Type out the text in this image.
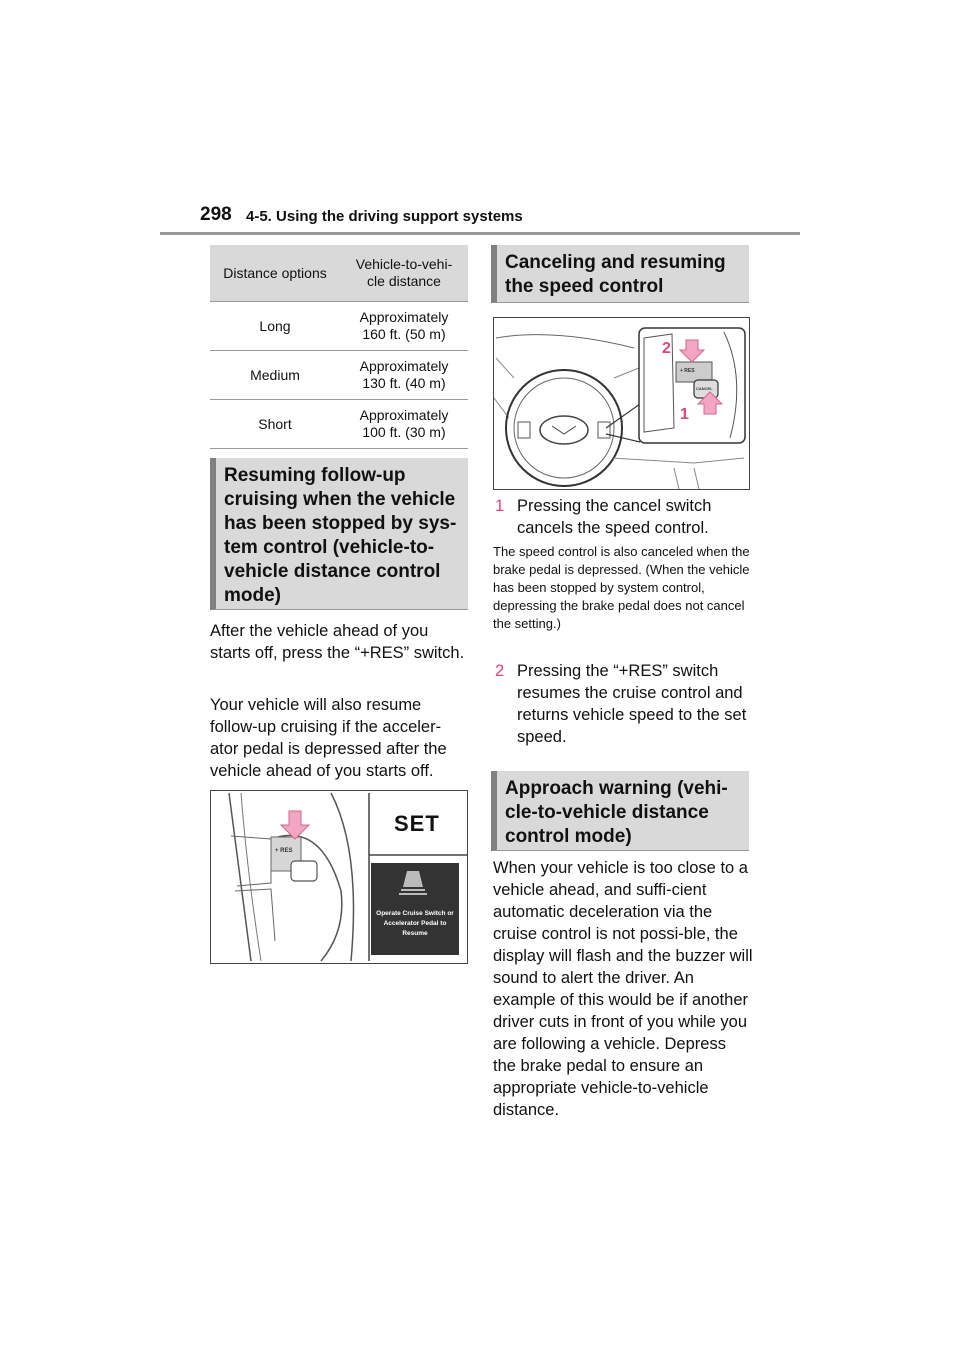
298 4-5. Using the driving support systems
Distance options	Vehicle-to-vehi-
cle distance
Long	Approximately
160 ft. (50 m)
Medium	Approximately
130 ft. (40 m)
Short	Approximately
100 ft. (30 m)
Resuming follow-up cruising when the vehicle has been stopped by sys-tem control (vehicle-to-vehicle distance control mode)
After the vehicle ahead of you starts off, press the “+RES” switch.
Your vehicle will also resume follow-up cruising if the acceler-ator pedal is depressed after the vehicle ahead of you starts off.
SET
+ RES
Operate Cruise Switch or
Accelerator Pedal to
Resume
Canceling and resuming the speed control
2
1
+ RES
CANCEL
1 Pressing the cancel switch cancels the speed control.
The speed control is also canceled when the brake pedal is depressed. (When the vehicle has been stopped by system control, depressing the brake pedal does not cancel the setting.)
2 Pressing the “+RES” switch resumes the cruise control and returns vehicle speed to the set speed.
Approach warning (vehi-cle-to-vehicle distance control mode)
When your vehicle is too close to a vehicle ahead, and suffi-cient automatic deceleration via the cruise control is not possi-ble, the display will flash and the buzzer will sound to alert the driver. An example of this would be if another driver cuts in front of you while you are following a vehicle. Depress the brake pedal to ensure an appropriate vehicle-to-vehicle distance.
